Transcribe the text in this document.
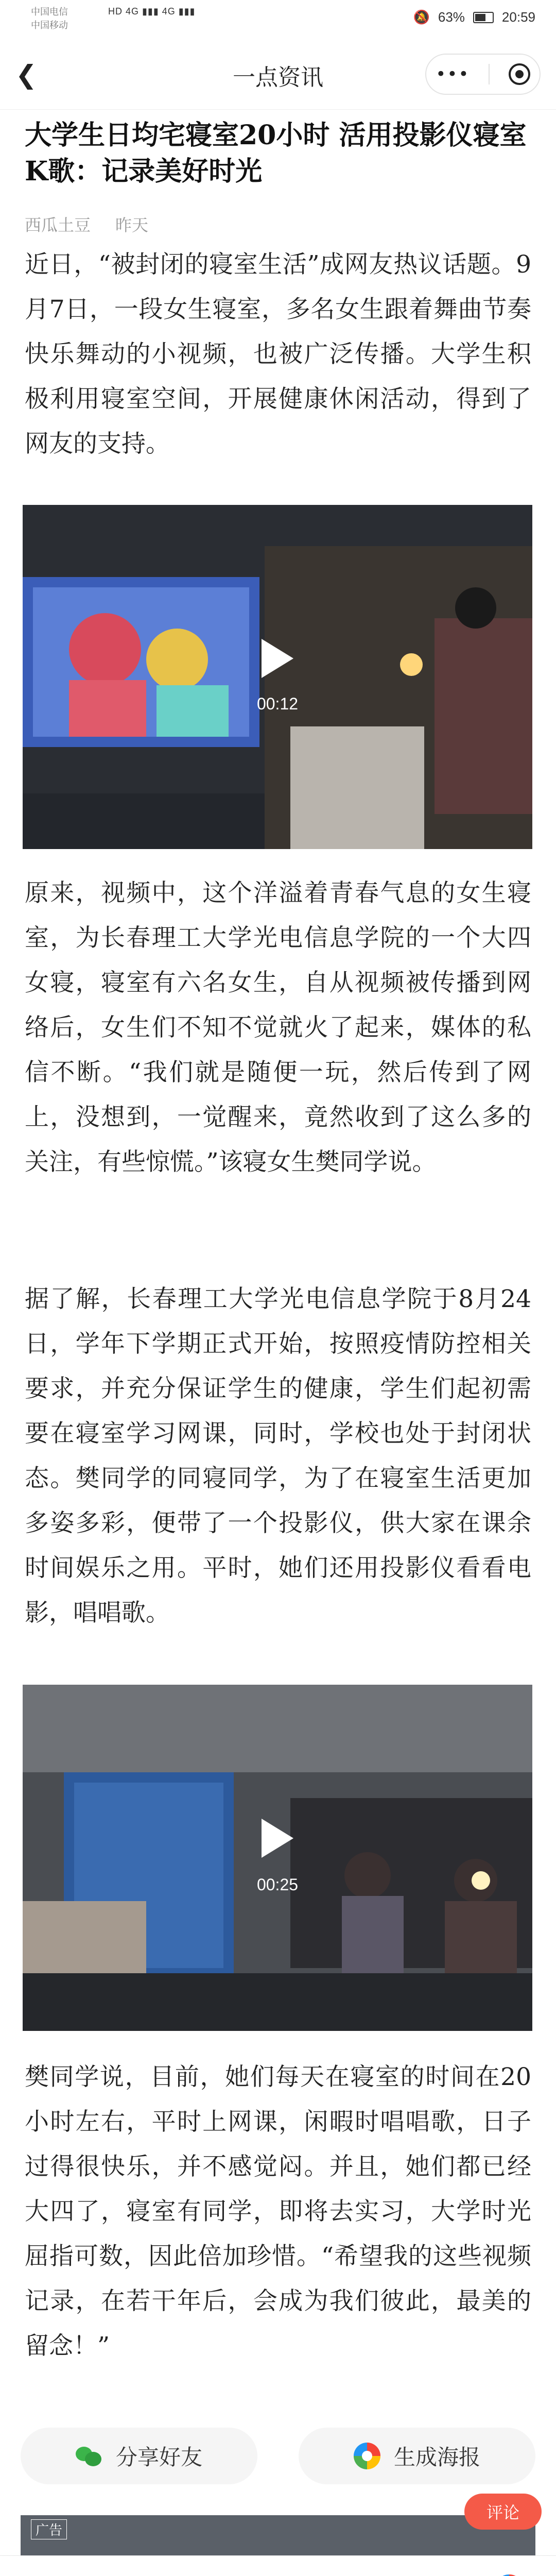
中国电信
中国移动
HD 4G ▮▮▮ 4G ▮▮▮	🔕 63%	20:59
❮	一点资讯	•••
大学生日均宅寝室20小时 活用投影仪寝室K歌：记录美好时光
西瓜土豆 昨天

近日，“被封闭的寝室生活”成网友热议话题。9月7日，一段女生寝室，多名女生跟着舞曲节奏快乐舞动的小视频，也被广泛传播。大学生积极利用寝室空间，开展健康休闲活动，得到了网友的支持。

00:12

原来，视频中，这个洋溢着青春气息的女生寝室，为长春理工大学光电信息学院的一个大四女寝，寝室有六名女生，自从视频被传播到网络后，女生们不知不觉就火了起来，媒体的私信不断。“我们就是随便一玩，然后传到了网上，没想到，一觉醒来，竟然收到了这么多的关注，有些惊慌。”该寝女生樊同学说。

据了解，长春理工大学光电信息学院于8月24日，学年下学期正式开始，按照疫情防控相关要求，并充分保证学生的健康，学生们起初需要在寝室学习网课，同时，学校也处于封闭状态。樊同学的同寝同学，为了在寝室生活更加多姿多彩，便带了一个投影仪，供大家在课余时间娱乐之用。平时，她们还用投影仪看看电影，唱唱歌。

00:25

樊同学说，目前，她们每天在寝室的时间在20小时左右，平时上网课，闲暇时唱唱歌，日子过得很快乐，并不感觉闷。并且，她们都已经大四了，寝室有同学，即将去实习，大学时光屈指可数，因此倍加珍惜。“希望我的这些视频记录，在若干年后，会成为我们彼此，最美的留念！”

分享好友	生成海报
广告
评论
